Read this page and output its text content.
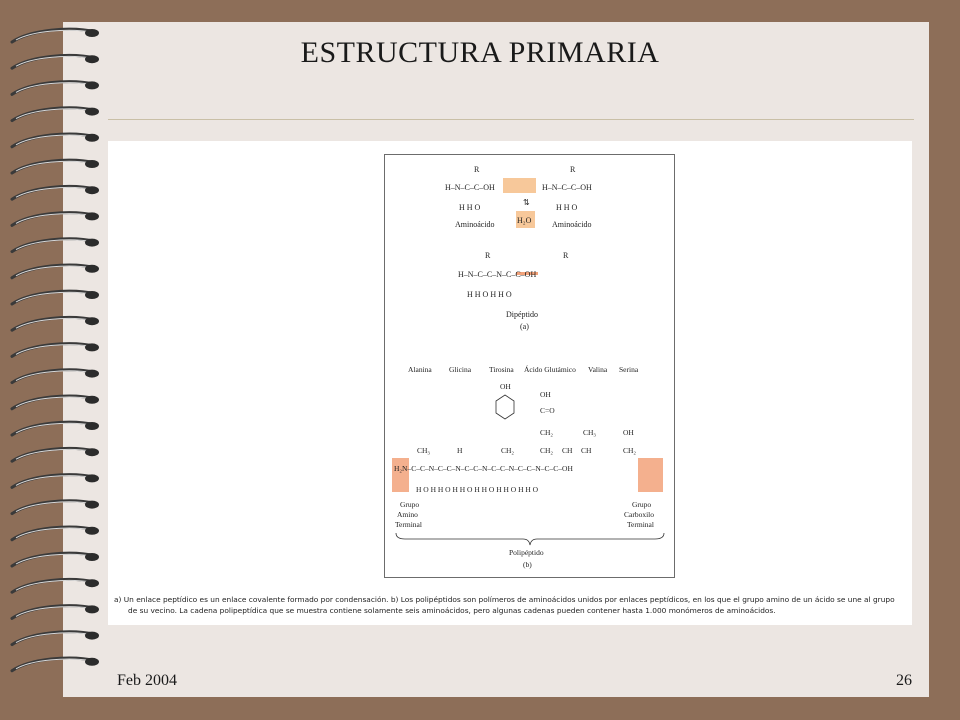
ESTRUCTURA PRIMARIA
R	R
H–N–C–C–OH	H–N–C–C–OH
H H O	H H O
⇅
H₂O
Aminoácido	Aminoácido
R	R
H–N–C–C–N–C–C–OH
H H O H H O
Dipéptido
(a)
Alanina Glicina Tirosina Ácido Glutámico Valina Serina
OH
CH₂
OH
C=O
CH₂
CH₂ CH
CH₃
CH
OH
CH₂
CH₃	H
H₂N–C–C–N–C–C–N–C–C–N–C–C–N–C–C–N–C–C–OH
H O H H O H H O H H O H H O H H O
Grupo
Amino
Terminal
Grupo
Carboxilo
Terminal
Polipéptido
(b)

a) Un enlace peptídico es un enlace covalente formado por condensación. b) Los polipéptidos son polímeros de aminoácidos unidos por enlaces peptídicos, en los que el grupo amino de un ácido se une al grupo

de su vecino. La cadena polipeptídica que se muestra contiene solamente seis aminoácidos, pero algunas cadenas pueden contener hasta 1.000 monómeros de aminoácidos.

Feb 2004	26
